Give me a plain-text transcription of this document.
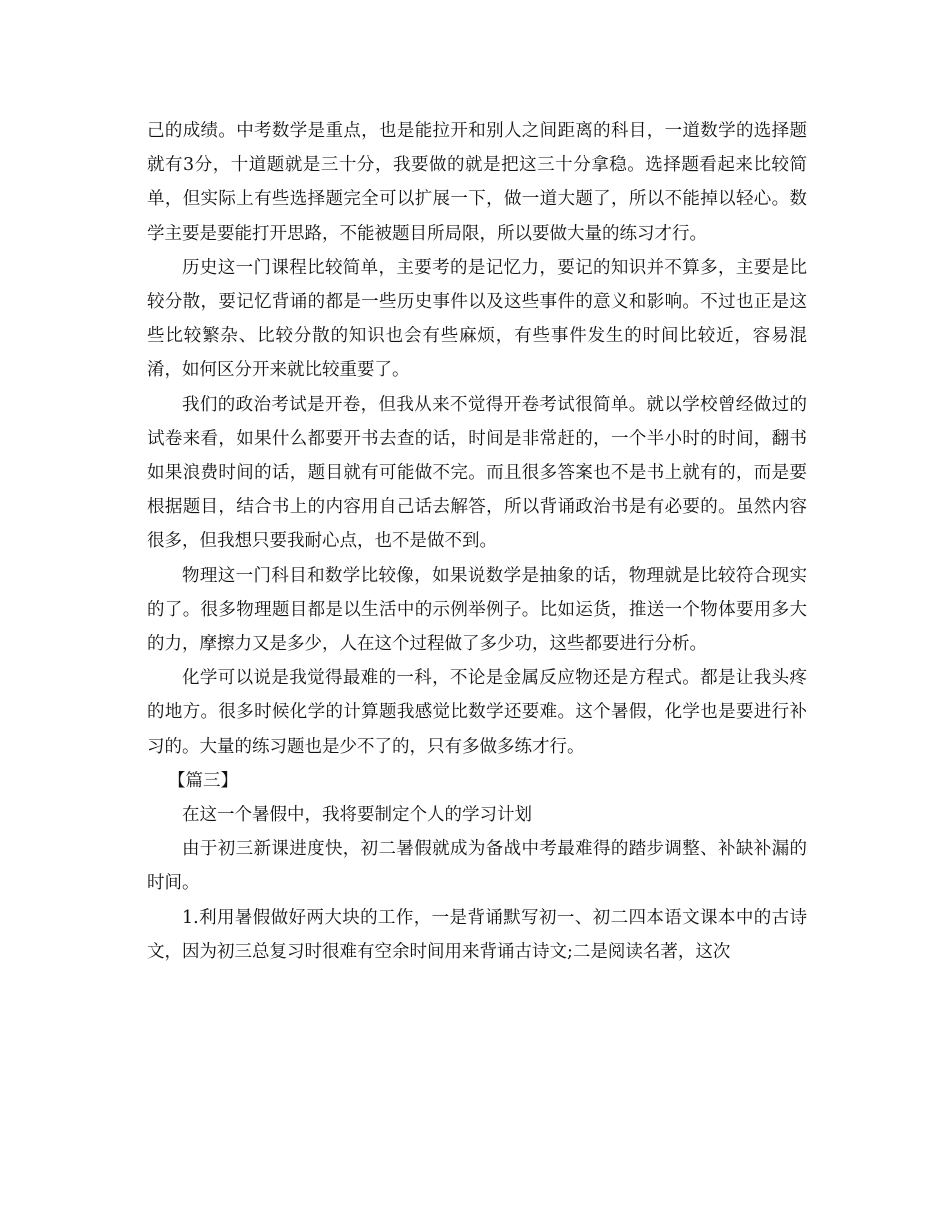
己的成绩。中考数学是重点，也是能拉开和别人之间距离的科目，一道数学的选择题就有3分，十道题就是三十分，我要做的就是把这三十分拿稳。选择题看起来比较简单，但实际上有些选择题完全可以扩展一下，做一道大题了，所以不能掉以轻心。数学主要是要能打开思路，不能被题目所局限，所以要做大量的练习才行。

历史这一门课程比较简单，主要考的是记忆力，要记的知识并不算多，主要是比较分散，要记忆背诵的都是一些历史事件以及这些事件的意义和影响。不过也正是这些比较繁杂、比较分散的知识也会有些麻烦，有些事件发生的时间比较近，容易混淆，如何区分开来就比较重要了。

我们的政治考试是开卷，但我从来不觉得开卷考试很简单。就以学校曾经做过的试卷来看，如果什么都要开书去查的话，时间是非常赶的，一个半小时的时间，翻书如果浪费时间的话，题目就有可能做不完。而且很多答案也不是书上就有的，而是要根据题目，结合书上的内容用自己话去解答，所以背诵政治书是有必要的。虽然内容很多，但我想只要我耐心点，也不是做不到。

物理这一门科目和数学比较像，如果说数学是抽象的话，物理就是比较符合现实的了。很多物理题目都是以生活中的示例举例子。比如运货，推送一个物体要用多大的力，摩擦力又是多少，人在这个过程做了多少功，这些都要进行分析。

化学可以说是我觉得最难的一科，不论是金属反应物还是方程式。都是让我头疼的地方。很多时候化学的计算题我感觉比数学还要难。这个暑假，化学也是要进行补习的。大量的练习题也是少不了的，只有多做多练才行。

【篇三】

在这一个暑假中，我将要制定个人的学习计划

由于初三新课进度快，初二暑假就成为备战中考最难得的踏步调整、补缺补漏的时间。

1.利用暑假做好两大块的工作，一是背诵默写初一、初二四本语文课本中的古诗文，因为初三总复习时很难有空余时间用来背诵古诗文;二是阅读名著，这次
